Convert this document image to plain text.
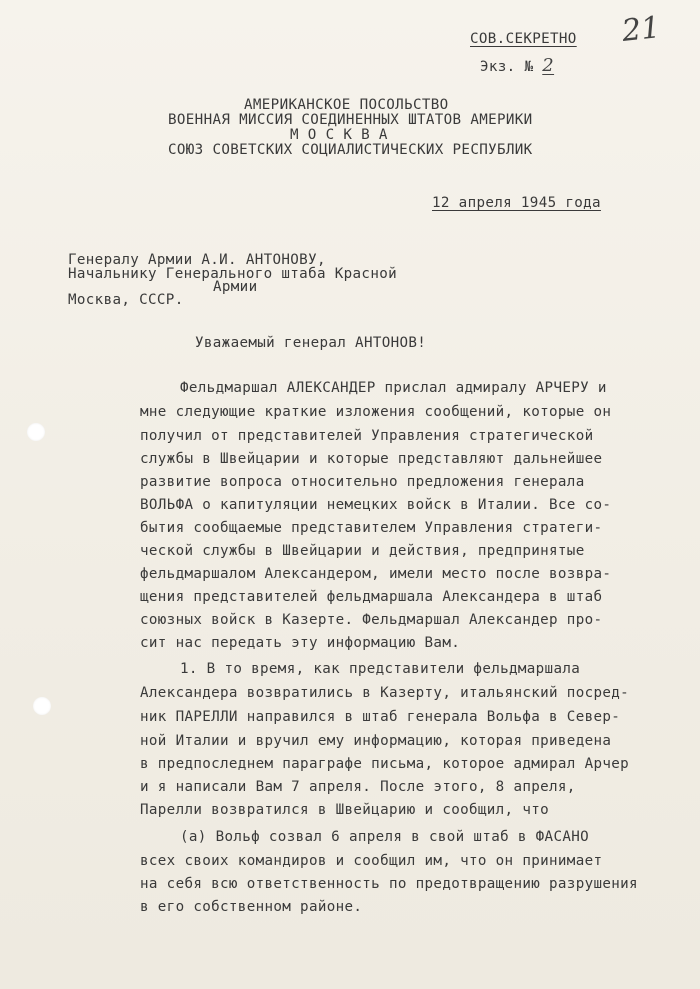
СОВ.СЕКРЕТНО
Экз. № 2
21
АМЕРИКАНСКОЕ ПОСОЛЬСТВО
ВОЕННАЯ МИССИЯ СОЕДИНЕННЫХ ШТАТОВ АМЕРИКИ
М О С К В А
СОЮЗ СОВЕТСКИХ СОЦИАЛИСТИЧЕСКИХ РЕСПУБЛИК
12 апреля 1945 года
Генералу Армии А.И. АНТОНОВУ,
Начальнику Генерального штаба Красной
Армии
Москва, СССР.
Уважаемый генерал АНТОНОВ!
Фельдмаршал АЛЕКСАНДЕР прислал адмиралу АРЧЕРУ и
мне следующие краткие изложения сообщений, которые он
получил от представителей Управления стратегической
службы в Швейцарии и которые представляют дальнейшее
развитие вопроса относительно предложения генерала
ВОЛЬФА о капитуляции немецких войск в Италии. Все со-
бытия сообщаемые представителем Управления стратеги-
ческой службы в Швейцарии и действия, предпринятые
фельдмаршалом Александером, имели место после возвра-
щения представителей фельдмаршала Александера в штаб
союзных войск в Казерте. Фельдмаршал Александер про-
сит нас передать эту информацию Вам.
1. В то время, как представители фельдмаршала
Александера возвратились в Казерту, итальянский посред-
ник ПАРЕЛЛИ направился в штаб генерала Вольфа в Север-
ной Италии и вручил ему информацию, которая приведена
в предпоследнем параграфе письма, которое адмирал Арчер
и я написали Вам 7 апреля. После этого, 8 апреля,
Парелли возвратился в Швейцарию и сообщил, что
(а) Вольф созвал 6 апреля в свой штаб в ФАСАНО
всех своих командиров и сообщил им, что он принимает
на себя всю ответственность по предотвращению разрушения
в его собственном районе.
